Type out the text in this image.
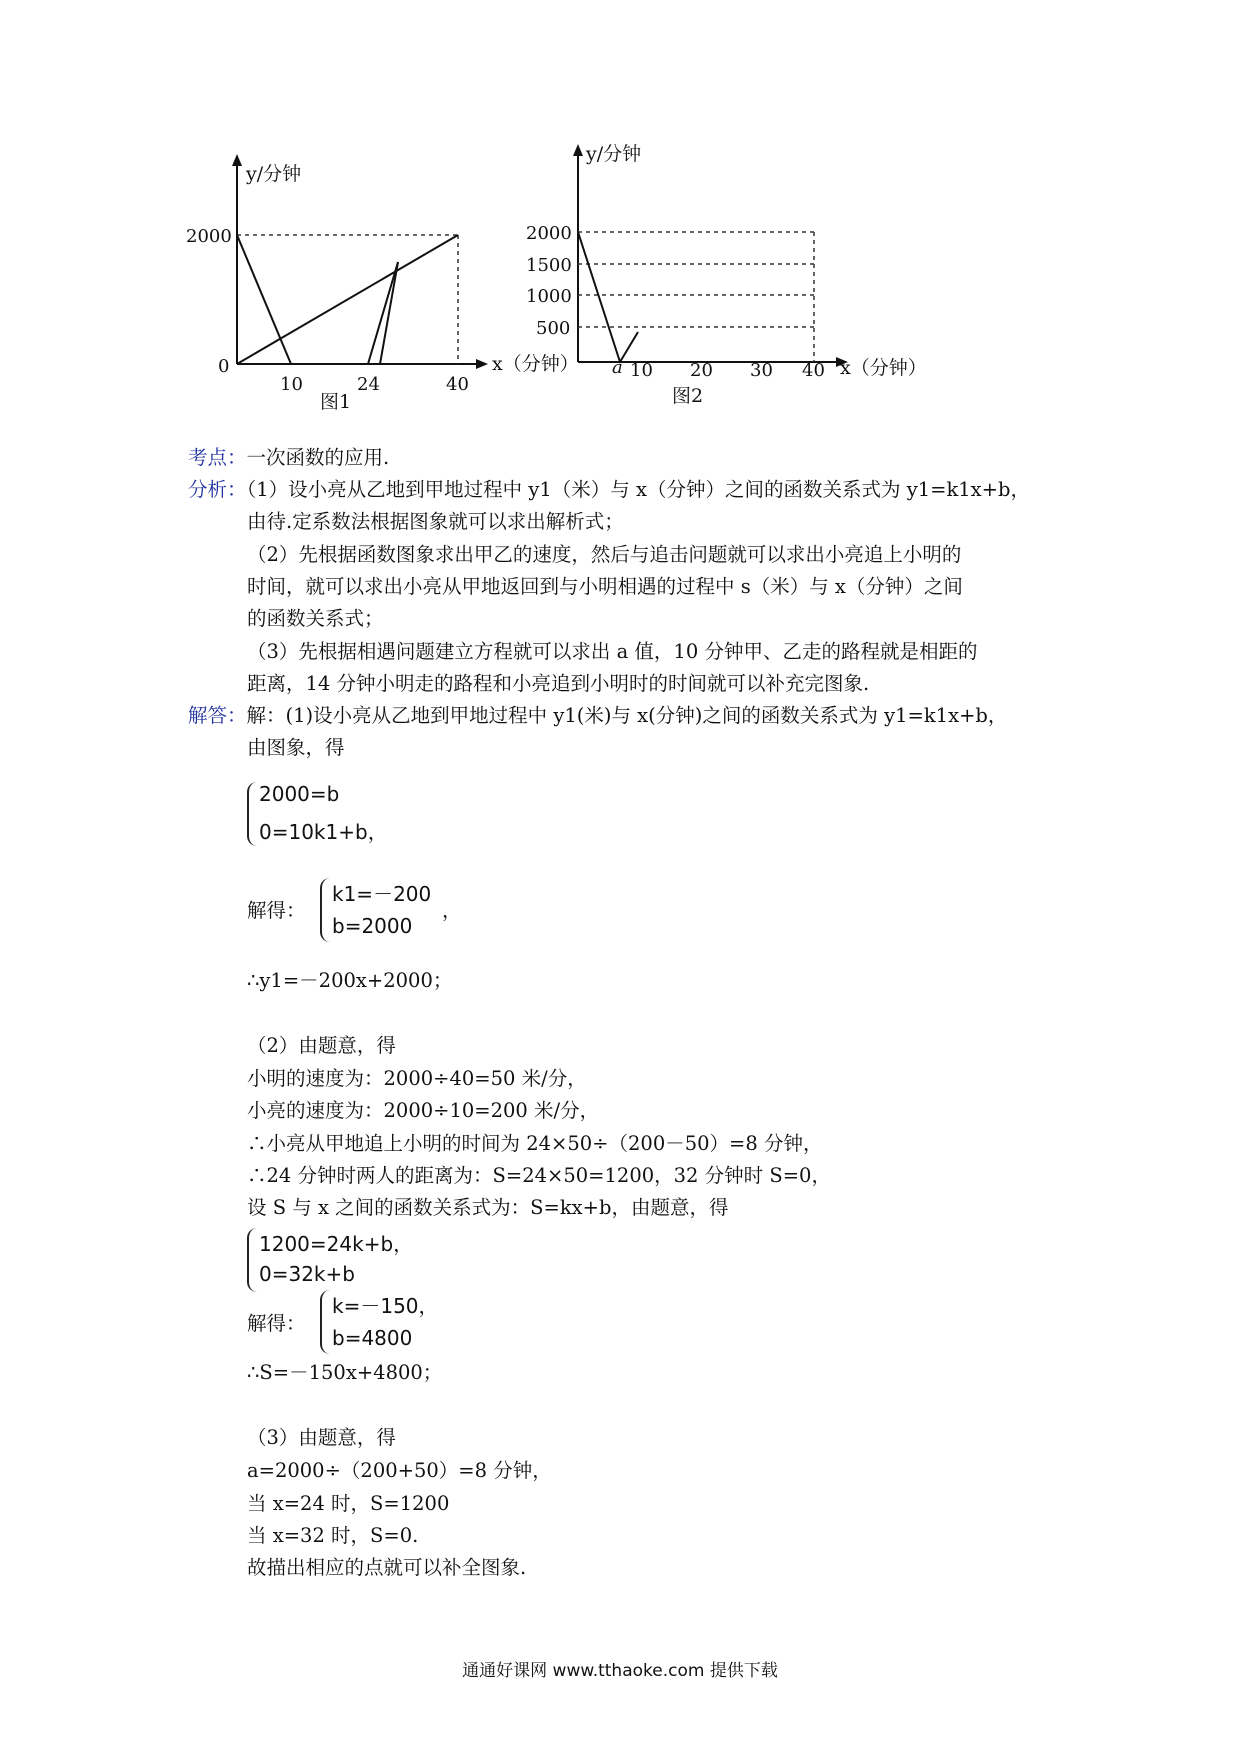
y/分钟
2000
0
10	24	40
x（分钟）
图1
y/分钟
2000
1500
1000
500
a 10 20 30 40 x（分钟）
图2
考点：一次函数的应用.
分析：（1）设小亮从乙地到甲地过程中 y1（米）与 x（分钟）之间的函数关系式为 y1=k1x+b，
由待.定系数法根据图象就可以求出解析式；
（2）先根据函数图象求出甲乙的速度，然后与追击问题就可以求出小亮追上小明的
时间，就可以求出小亮从甲地返回到与小明相遇的过程中 s（米）与 x（分钟）之间
的函数关系式；
（3）先根据相遇问题建立方程就可以求出 a 值，10 分钟甲、乙走的路程就是相距的
距离，14 分钟小明走的路程和小亮追到小明时的时间就可以补充完图象.
解答：解：(1)设小亮从乙地到甲地过程中 y1(米)与 x(分钟)之间的函数关系式为 y1=k1x+b，
由图象，得
2000=b
0=10k1+b，
解得：
k1=－200
b=2000
，
∴y1=－200x+2000；
（2）由题意，得
小明的速度为：2000÷40=50 米/分，
小亮的速度为：2000÷10=200 米/分，
∴小亮从甲地追上小明的时间为 24×50÷（200－50）=8 分钟，
∴24 分钟时两人的距离为：S=24×50=1200，32 分钟时 S=0，
设 S 与 x 之间的函数关系式为：S=kx+b，由题意，得
1200=24k+b，
0=32k+b
解得：
k=－150，
b=4800
∴S=－150x+4800；
（3）由题意，得
a=2000÷（200+50）=8 分钟，
当 x=24 时，S=1200
当 x=32 时，S=0.
故描出相应的点就可以补全图象.
通通好课网 www.tthaoke.com 提供下载
